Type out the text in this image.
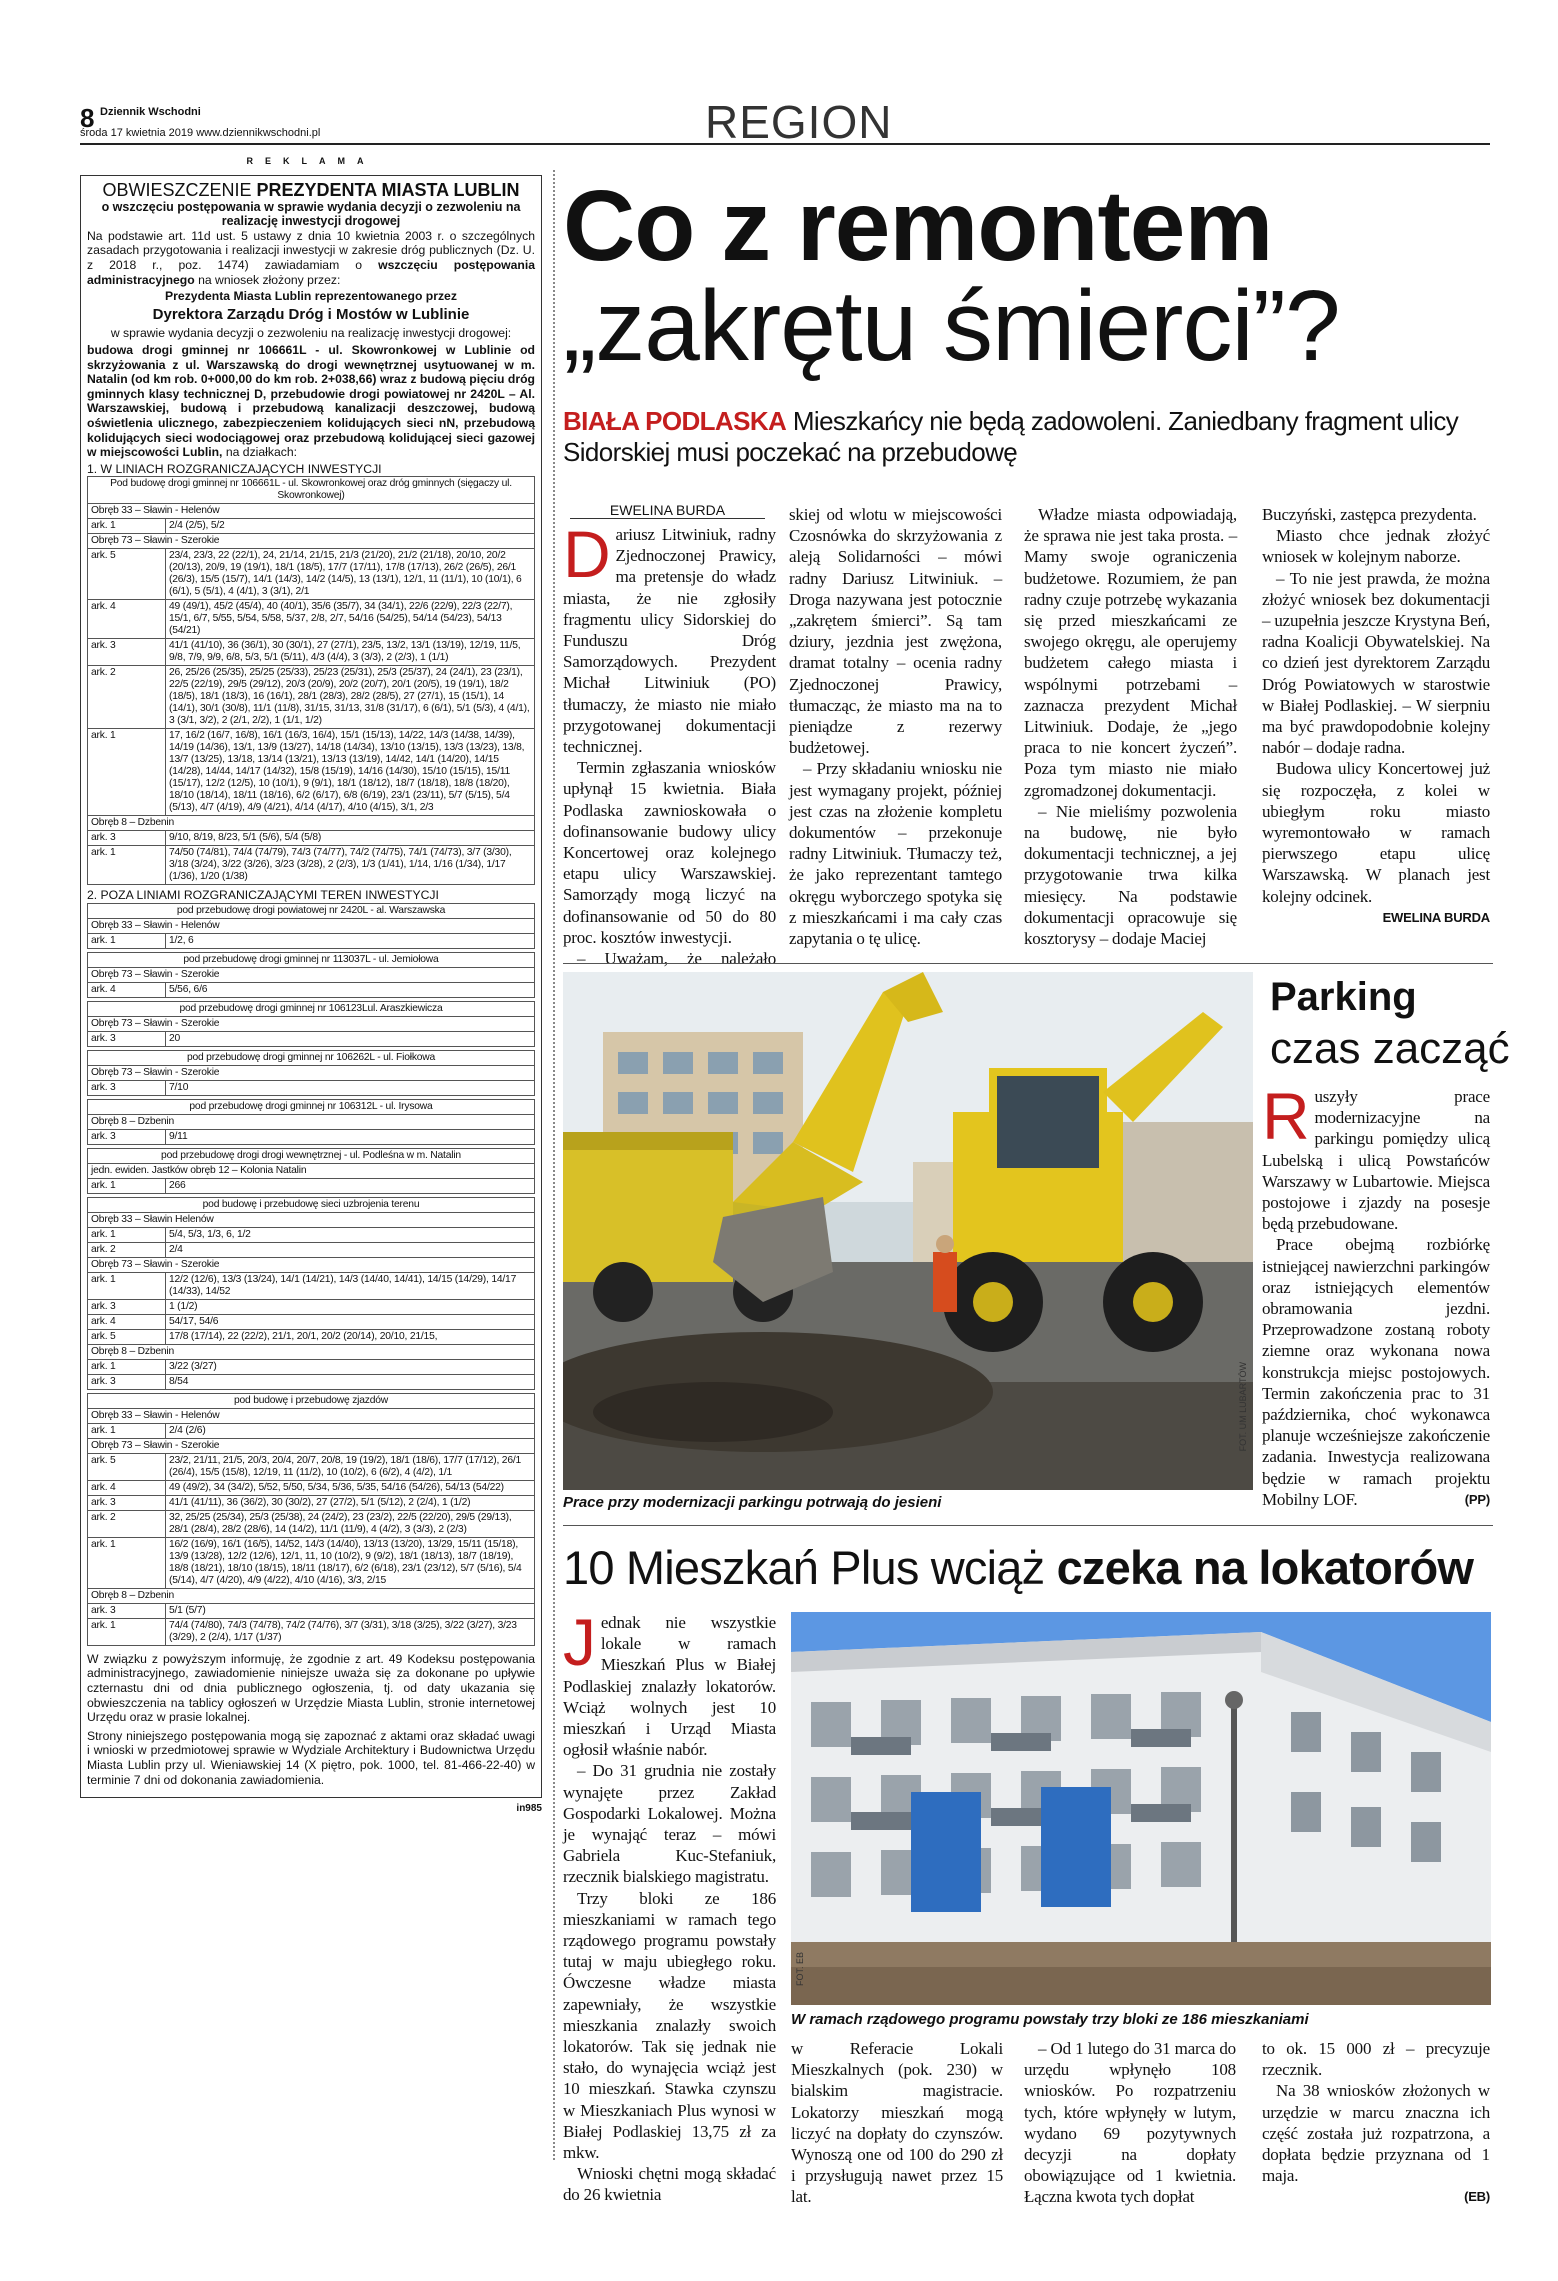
8 Dziennik Wschodni
środa 17 kwietnia 2019 www.dziennikwschodni.pl	REGION
REKLAMA
OBWIESZCZENIE PREZYDENTA MIASTA LUBLIN
o wszczęciu postępowania w sprawie wydania decyzji o zezwoleniu na realizację inwestycji drogowej

Na podstawie art. 11d ust. 5 ustawy z dnia 10 kwietnia 2003 r. o szczególnych zasadach przygotowania i realizacji inwestycji w zakresie dróg publicznych (Dz. U. z 2018 r., poz. 1474) zawiadamiam o wszczęciu postępowania administracyjnego na wniosek złożony przez:

Prezydenta Miasta Lublin reprezentowanego przez
Dyrektora Zarządu Dróg i Mostów w Lublinie

w sprawie wydania decyzji o zezwoleniu na realizację inwestycji drogowej:

budowa drogi gminnej nr 106661L - ul. Skowronkowej w Lublinie od skrzyżowania z ul. Warszawską do drogi wewnętrznej usytuowanej w m. Natalin (od km rob. 0+000,00 do km rob. 2+038,66) wraz z budową pięciu dróg gminnych klasy technicznej D, przebudowie drogi powiatowej nr 2420L – Al. Warszawskiej, budową i przebudową kanalizacji deszczowej, budową oświetlenia ulicznego, zabezpieczeniem kolidujących sieci nN, przebudową kolidujących sieci wodociągowej oraz przebudową kolidującej sieci gazowej w miejscowości Lublin, na działkach:

1. W LINIACH ROZGRANICZAJĄCYCH INWESTYCJI
Pod budowę drogi gminnej nr 106661L - ul. Skowronkowej oraz dróg gminnych (sięgaczy ul. Skowronkowej)	
Obręb 33 – Sławin - Helenów	
ark. 1	2/4 (2/5), 5/2
Obręb 73 – Sławin - Szerokie	
ark. 5	23/4, 23/3, 22 (22/1), 24, 21/14, 21/15, 21/3 (21/20), 21/2 (21/18), 20/10, 20/2 (20/13), 20/9, 19 (19/1), 18/1 (18/5), 17/7 (17/11), 17/8 (17/13), 26/2 (26/5), 26/1 (26/3), 15/5 (15/7), 14/1 (14/3), 14/2 (14/5), 13 (13/1), 12/1, 11 (11/1), 10 (10/1), 6 (6/1), 5 (5/1), 4 (4/1), 3 (3/1), 2/1
ark. 4	49 (49/1), 45/2 (45/4), 40 (40/1), 35/6 (35/7), 34 (34/1), 22/6 (22/9), 22/3 (22/7), 15/1, 6/7, 5/55, 5/54, 5/58, 5/37, 2/8, 2/7, 54/16 (54/25), 54/14 (54/23), 54/13 (54/21)
ark. 3	41/1 (41/10), 36 (36/1), 30 (30/1), 27 (27/1), 23/5, 13/2, 13/1 (13/19), 12/19, 11/5, 9/8, 7/9, 9/9, 6/8, 5/3, 5/1 (5/11), 4/3 (4/4), 3 (3/3), 2 (2/3), 1 (1/1)
ark. 2	26, 25/26 (25/35), 25/25 (25/33), 25/23 (25/31), 25/3 (25/37), 24 (24/1), 23 (23/1), 22/5 (22/19), 29/5 (29/12), 20/3 (20/9), 20/2 (20/7), 20/1 (20/5), 19 (19/1), 18/2 (18/5), 18/1 (18/3), 16 (16/1), 28/1 (28/3), 28/2 (28/5), 27 (27/1), 15 (15/1), 14 (14/1), 30/1 (30/8), 11/1 (11/8), 31/15, 31/13, 31/8 (31/17), 6 (6/1), 5/1 (5/3), 4 (4/1), 3 (3/1, 3/2), 2 (2/1, 2/2), 1 (1/1, 1/2)
ark. 1	17, 16/2 (16/7, 16/8), 16/1 (16/3, 16/4), 15/1 (15/13), 14/22, 14/3 (14/38, 14/39), 14/19 (14/36), 13/1, 13/9 (13/27), 14/18 (14/34), 13/10 (13/15), 13/3 (13/23), 13/8, 13/7 (13/25), 13/18, 13/14 (13/21), 13/13 (13/19), 14/42, 14/1 (14/20), 14/15 (14/28), 14/44, 14/17 (14/32), 15/8 (15/19), 14/16 (14/30), 15/10 (15/15), 15/11 (15/17), 12/2 (12/5), 10 (10/1), 9 (9/1), 18/1 (18/12), 18/7 (18/18), 18/8 (18/20), 18/10 (18/14), 18/11 (18/16), 6/2 (6/17), 6/8 (6/19), 23/1 (23/11), 5/7 (5/15), 5/4 (5/13), 4/7 (4/19), 4/9 (4/21), 4/14 (4/17), 4/10 (4/15), 3/1, 2/3
Obręb 8 – Dzbenin	
ark. 3	9/10, 8/19, 8/23, 5/1 (5/6), 5/4 (5/8)
ark. 1	74/50 (74/81), 74/4 (74/79), 74/3 (74/77), 74/2 (74/75), 74/1 (74/73), 3/7 (3/30), 3/18 (3/24), 3/22 (3/26), 3/23 (3/28), 2 (2/3), 1/3 (1/41), 1/14, 1/16 (1/34), 1/17 (1/36), 1/20 (1/38)
2. POZA LINIAMI ROZGRANICZAJĄCYMI TEREN INWESTYCJI
pod przebudowę drogi powiatowej nr 2420L - al. Warszawska
Obręb 33 – Sławin - Helenów
ark. 1	1/2, 6
pod przebudowę drogi gminnej nr 113037L - ul. Jemiołowa
Obręb 73 – Sławin - Szerokie
ark. 4	5/56, 6/6
pod przebudowę drogi gminnej nr 106123Lul. Araszkiewicza
Obręb 73 – Sławin - Szerokie
ark. 3	20
pod przebudowę drogi gminnej nr 106262L - ul. Fiołkowa
Obręb 73 – Sławin - Szerokie
ark. 3	7/10
pod przebudowę drogi gminnej nr 106312L - ul. Irysowa
Obręb 8 – Dzbenin
ark. 3	9/11
pod przebudowę drogi drogi wewnętrznej - ul. Podleśna w m. Natalin
jedn. ewiden. Jastków obręb 12 – Kolonia Natalin
ark. 1	266
pod budowę i przebudowę sieci uzbrojenia terenu	
Obręb 33 – Sławin Helenów	
ark. 1	5/4, 5/3, 1/3, 6, 1/2
ark. 2	2/4
Obręb 73 – Sławin - Szerokie	
ark. 1	12/2 (12/6), 13/3 (13/24), 14/1 (14/21), 14/3 (14/40, 14/41), 14/15 (14/29), 14/17 (14/33), 14/52
ark. 3	1 (1/2)
ark. 4	54/17, 54/6
ark. 5	17/8 (17/14), 22 (22/2), 21/1, 20/1, 20/2 (20/14), 20/10, 21/15,
Obręb 8 – Dzbenin	
ark. 1	3/22 (3/27)
ark. 3	8/54
pod budowę i przebudowę zjazdów	
Obręb 33 – Sławin - Helenów	
ark. 1	2/4 (2/6)
Obręb 73 – Sławin - Szerokie	
ark. 5	23/2, 21/11, 21/5, 20/3, 20/4, 20/7, 20/8, 19 (19/2), 18/1 (18/6), 17/7 (17/12), 26/1 (26/4), 15/5 (15/8), 12/19, 11 (11/2), 10 (10/2), 6 (6/2), 4 (4/2), 1/1
ark. 4	49 (49/2), 34 (34/2), 5/52, 5/50, 5/34, 5/36, 5/35, 54/16 (54/26), 54/13 (54/22)
ark. 3	41/1 (41/11), 36 (36/2), 30 (30/2), 27 (27/2), 5/1 (5/12), 2 (2/4), 1 (1/2)
ark. 2	32, 25/25 (25/34), 25/3 (25/38), 24 (24/2), 23 (23/2), 22/5 (22/20), 29/5 (29/13), 28/1 (28/4), 28/2 (28/6), 14 (14/2), 11/1 (11/9), 4 (4/2), 3 (3/3), 2 (2/3)
ark. 1	16/2 (16/9), 16/1 (16/5), 14/52, 14/3 (14/40), 13/13 (13/20), 13/29, 15/11 (15/18), 13/9 (13/28), 12/2 (12/6), 12/1, 11, 10 (10/2), 9 (9/2), 18/1 (18/13), 18/7 (18/19), 18/8 (18/21), 18/10 (18/15), 18/11 (18/17), 6/2 (6/18), 23/1 (23/12), 5/7 (5/16), 5/4 (5/14), 4/7 (4/20), 4/9 (4/22), 4/10 (4/16), 3/3, 2/15
Obręb 8 – Dzbenin	
ark. 3	5/1 (5/7)
ark. 1	74/4 (74/80), 74/3 (74/78), 74/2 (74/76), 3/7 (3/31), 3/18 (3/25), 3/22 (3/27), 3/23 (3/29), 2 (2/4), 1/17 (1/37)

W związku z powyższym informuję, że zgodnie z art. 49 Kodeksu postępowania administracyjnego, zawiadomienie niniejsze uważa się za dokonane po upływie czternastu dni od dnia publicznego ogłoszenia, tj. od daty ukazania się obwieszczenia na tablicy ogłoszeń w Urzędzie Miasta Lublin, stronie internetowej Urzędu oraz w prasie lokalnej.

Strony niniejszego postępowania mogą się zapoznać z aktami oraz składać uwagi i wnioski w przedmiotowej sprawie w Wydziale Architektury i Budownictwa Urzędu Miasta Lublin przy ul. Wieniawskiej 14 (X piętro, pok. 1000, tel. 81-466-22-40) w terminie 7 dni od dokonania zawiadomienia.

in985
Co z remontem
„zakrętu śmierci”?
BIAŁA PODLASKA Mieszkańcy nie będą zadowoleni. Zaniedbany fragment ulicy Sidorskiej musi poczekać na przebudowę
EWELINA BURDA

Dariusz Litwiniuk, radny Zjednoczonej Prawicy, ma pretensje do władz miasta, że nie zgłosiły fragmentu ulicy Sidorskiej do Funduszu Dróg Samorządowych. Prezydent Michał Litwiniuk (PO) tłumaczy, że miasto nie miało przygotowanej dokumentacji technicznej.

Termin zgłaszania wniosków upłynął 15 kwietnia. Biała Podlaska zawnioskowała o dofinansowanie budowy ulicy Koncertowej oraz kolejnego etapu ulicy Warszawskiej. Samorządy mogą liczyć na dofinansowanie od 50 do 80 proc. kosztów inwestycji.

– Uważam, że należało

skiej od wlotu w miejscowości Czosnówka do skrzyżowania z aleją Solidarności – mówi radny Dariusz Litwiniuk. – Droga nazywana jest potocznie „zakrętem śmierci”. Są tam dziury, jezdnia jest zwężona, dramat totalny – ocenia radny Zjednoczonej Prawicy, tłumacząc, że miasto ma na to pieniądze z rezerwy budżetowej.

– Przy składaniu wniosku nie jest wymagany projekt, później jest czas na złożenie kompletu dokumentów – przekonuje radny Litwiniuk. Tłumaczy też, że jako reprezentant tamtego okręgu wyborczego spotyka się z mieszkańcami i ma cały czas zapytania o tę ulicę.

Władze miasta odpowiadają, że sprawa nie jest taka prosta. – Mamy swoje ograniczenia budżetowe. Rozumiem, że pan radny czuje potrzebę wykazania się przed mieszkańcami ze swojego okręgu, ale operujemy budżetem całego miasta i wspólnymi potrzebami – zaznacza prezydent Michał Litwiniuk. Dodaje, że „jego praca to nie koncert życzeń”. Poza tym miasto nie miało zgromadzonej dokumentacji.

– Nie mieliśmy pozwolenia na budowę, nie było dokumentacji technicznej, a jej przygotowanie trwa kilka miesięcy. Na podstawie dokumentacji opracowuje się kosztorysy – dodaje Maciej

Buczyński, zastępca prezydenta.

Miasto chce jednak złożyć wniosek w kolejnym naborze.

– To nie jest prawda, że można złożyć wniosek bez dokumentacji – uzupełnia jeszcze Krystyna Beń, radna Koalicji Obywatelskiej. Na co dzień jest dyrektorem Zarządu Dróg Powiatowych w starostwie w Białej Podlaskiej. – W sierpniu ma być prawdopodobnie kolejny nabór – dodaje radna.

Budowa ulicy Koncertowej już się rozpoczęła, z kolei w ubiegłym roku miasto wyremontowało w ramach pierwszego etapu ulicę Warszawską. W planach jest kolejny odcinek.

EWELINA BURDA
FOT. UM LUBARTÓW
Prace przy modernizacji parkingu potrwają do jesieni
Parking
czas zacząć

Ruszyły prace modernizacyjne na parkingu pomiędzy ulicą Lubelską i ulicą Powstańców Warszawy w Lubartowie. Miejsca postojowe i zjazdy na posesje będą przebudowane.

Prace obejmą rozbiórkę istniejącej nawierzchni parkingów oraz istniejących elementów obramowania jezdni. Przeprowadzone zostaną roboty ziemne oraz wykonana nowa konstrukcja miejsc postojowych. Termin zakończenia prac to 31 października, choć wykonawca planuje wcześniejsze zakończenie zadania. Inwestycja realizowana będzie w ramach projektu Mobilny LOF.	(PP)

10 Mieszkań Plus wciąż czeka na lokatorów

Jednak nie wszystkie lokale w ramach Mieszkań Plus w Białej Podlaskiej znalazły lokatorów. Wciąż wolnych jest 10 mieszkań i Urząd Miasta ogłosił właśnie nabór.

– Do 31 grudnia nie zostały wynajęte przez Zakład Gospodarki Lokalowej. Można je wynająć teraz – mówi Gabriela Kuc-Stefaniuk, rzecznik bialskiego magistratu.

Trzy bloki ze 186 mieszkaniami w ramach tego rządowego programu powstały tutaj w maju ubiegłego roku. Ówczesne władze miasta zapewniały, że wszystkie mieszkania znalazły swoich lokatorów. Tak się jednak nie stało, do wynajęcia wciąż jest 10 mieszkań. Stawka czynszu w Mieszkaniach Plus wynosi w Białej Podlaskiej 13,75 zł za mkw.

Wnioski chętni mogą składać do 26 kwietnia

FOT. EB
W ramach rządowego programu powstały trzy bloki ze 186 mieszkaniami

w Referacie Lokali Mieszkalnych (pok. 230) w bialskim magistracie. Lokatorzy mieszkań mogą liczyć na dopłaty do czynszów. Wynoszą one od 100 do 290 zł i przysługują nawet przez 15 lat.

– Od 1 lutego do 31 marca do urzędu wpłynęło 108 wniosków. Po rozpatrzeniu tych, które wpłynęły w lutym, wydano 69 pozytywnych decyzji na dopłaty obowiązujące od 1 kwietnia. Łączna kwota tych dopłat

to ok. 15 000 zł – precyzuje rzecznik.

Na 38 wniosków złożonych w urzędzie w marcu znaczna ich część została już rozpatrzona, a dopłata będzie przyznana od 1 maja.

(EB)
